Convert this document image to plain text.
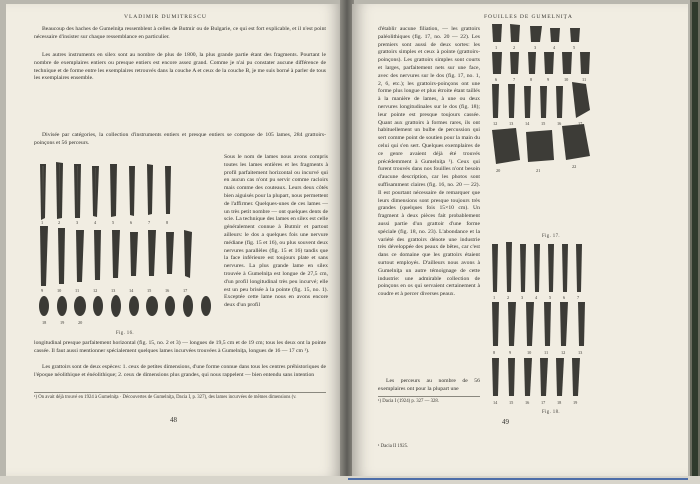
VLADIMIR DUMITRESCU
Beaucoup des haches de Gumelniţa ressemblent à celles de Butmir ou de Bulgarie, ce qui est fort explicable, et il n'est point nécessaire d'insister sur chaque ressemblance en particulier.
Les autres instruments en silex sont au nombre de plus de 1800, la plus grande partie étant des fragments. Pourtant le nombre de exemplaires entiers ou presque entiers est encore assez grand. Comme je n'ai pu constater aucune différence de technique et de forme entre les exemplaires retrouvés dans la couche A et ceux de la couche B, je me suis borné à parler de tous les exemplaires ensemble.
Divisée par catégories, la collection d'instruments entiers et presque entiers se compose de 105 lames, 284 grattoirs-poinçons et 56 perceurs.
1	2	3	4	5	6	7	8
9	10	11	12	13	14	15	16	17
18	19	20
Fig. 16.
Sous le nom de lames nous avons compris toutes les lames entières et les fragments à profil parfaitement horizontal ou incurvé qui en aucun cas n'ont pu servir comme racloirs mais comme des couteaux. Leurs deux côtés bien aiguisés pour la plupart, nous permettent de l'affirmer. Quelques-unes de ces lames — un très petit nombre — ont quelques dents de scie. La technique des lames en silex est celle généralement connue à Butmir et partout ailleurs: le dos a quelques fois une nervure médiane (fig. 15 et 16), ou plus souvent deux nervures parallèles (fig. 15 et 16) tandis que la face inférieure est toujours plate et sans nervures. La plus grande lame en silex trouvée à Gumelniţa est longue de 27,5 cm, d'un profil longitudinal très peu incurvé; elle est un peu brisée à la pointe (fig. 15, no. 1). Exceptée cette lame nous en avons encore deux d'un profil
longitudinal presque parfaitement horizontal (fig. 15, no. 2 et 3) — longues de 19,5 cm et de 19 cm; tous les deux ont la pointe cassée. Il faut aussi mentionner spécialement quelques lames incurvées trouvées à Gumelniţa, longues de 16 — 17 cm ¹).
Les grattoirs sont de deux espèces: 1. ceux de petites dimensions, d'une forme connue dans tous les centres préhistoriques de l'époque néolithique et énéolithique; 2. ceux de dimensions plus grandes, qui nous rappelent — bien entendu sans intention
¹) On avait déjà trouvé en 1924 à Gumelniţa · Découvertes de Gumelniţa, Dacia I, p. 327), des lames incurvées de mêmes dimensions (v.
48
FOUILLES DE GUMELNIŢA
d'établir aucune filiation, — les grattoirs paléolithiques (fig. 17, no. 20 — 22). Les premiers sont aussi de deux sortes: les grattoirs simples et ceux à pointe (grattoirs-poinçons). Les grattoirs simples sont courts et larges, parfaitement nets sur une face, avec des nervures sur le dos (fig. 17, no. 1, 2, 6, etc.); les grattoirs-poinçons ont une forme plus longue et plus étroite étant taillés à la manière de lames, à une ou deux nervures longitudinales sur le dos (fig. 18); leur pointe est presque toujours cassée. Quant aux grattoirs à formes rares, ils ont habituellement un bulbe de percussion qui sert comme point de soutien pour la main du celui qui s'en sert. Quelques exemplaires de ce genre avaient déjà été trouvés précédemment à Gumelniţa ¹). Ceux qui furent trouvés dans nos fouilles n'ont besoin d'aucune description, car les photos sont suffisamment claires (fig. 16, no. 20 — 22). Il est pourtant nécessaire de remarquer que leurs dimensions sont presque toujours très grandes (quelques fois 15×10 cm). Un fragment à deux pièces fait probablement aussi partie d'un grattoir d'une forme spéciale (fig. 18, no. 23). L'abondance et la variété des grattoirs dénote une industrie très développée des peaux de bêtes, car c'est dans ce domaine que les grattoirs étaient surtout employés. D'ailleurs nous avons à Gumelniţa un autre témoignage de cette industrie: une admirable collection de poinçons en os qui servaient certainement à coudre et à percer diverses peaux.
Les perceurs au nombre de 56 exemplaires ont pour la plupart une
¹) Dacia I (1924) p. 327 — 328.
1	2	3	4	5
6	7	8	9	10	11
12	13	14	15	16	17
20	21
22
Fig. 17.
1	2	3	4	5	6	7
8	9	10	11	12	13
14	15	16	17	18	19
Fig. 18.
¹ Dacia II 1925.
49
